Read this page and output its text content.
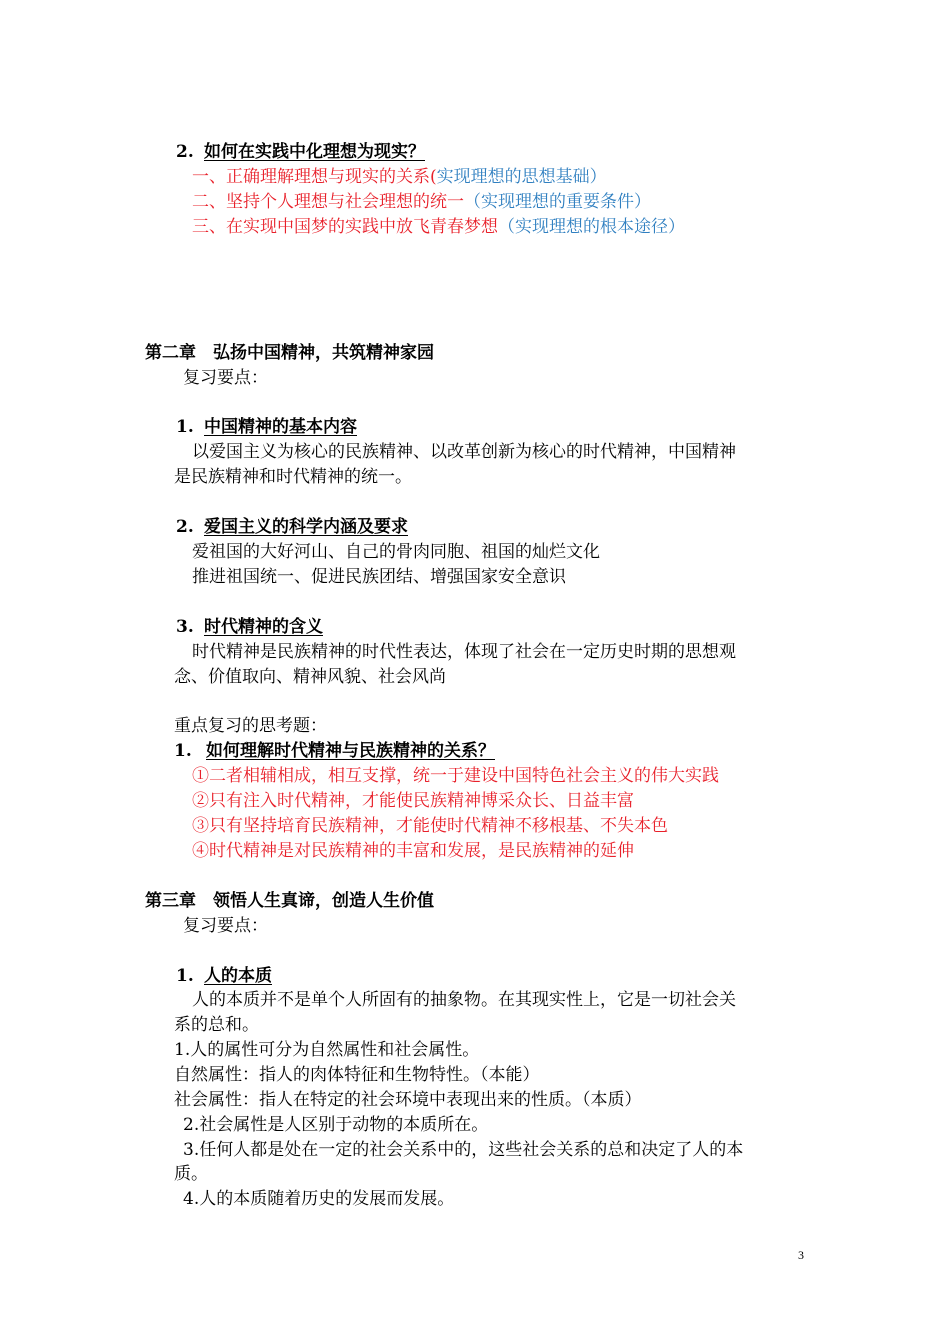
2. 如何在实践中化理想为现实？
一、正确理解理想与现实的关系(实现理想的思想基础）
二、坚持个人理想与社会理想的统一（实现理想的重要条件）
三、在实现中国梦的实践中放飞青春梦想（实现理想的根本途径）
第二章　弘扬中国精神，共筑精神家园
复习要点：
1. 中国精神的基本内容
以爱国主义为核心的民族精神、以改革创新为核心的时代精神，中国精神
是民族精神和时代精神的统一。
2. 爱国主义的科学内涵及要求
爱祖国的大好河山、自己的骨肉同胞、祖国的灿烂文化
推进祖国统一、促进民族团结、增强国家安全意识
3. 时代精神的含义
时代精神是民族精神的时代性表达，体现了社会在一定历史时期的思想观
念、价值取向、精神风貌、社会风尚
重点复习的思考题：
1. 如何理解时代精神与民族精神的关系？
①二者相辅相成，相互支撑，统一于建设中国特色社会主义的伟大实践
②只有注入时代精神，才能使民族精神博采众长、日益丰富
③只有坚持培育民族精神，才能使时代精神不移根基、不失本色
④时代精神是对民族精神的丰富和发展，是民族精神的延伸
第三章　领悟人生真谛，创造人生价值
复习要点：
1. 人的本质
人的本质并不是单个人所固有的抽象物。在其现实性上，它是一切社会关
系的总和。
1.人的属性可分为自然属性和社会属性。
自然属性：指人的肉体特征和生物特性。（本能）
社会属性：指人在特定的社会环境中表现出来的性质。（本质）
2.社会属性是人区别于动物的本质所在。
3.任何人都是处在一定的社会关系中的，这些社会关系的总和决定了人的本
质。
4.人的本质随着历史的发展而发展。
3
